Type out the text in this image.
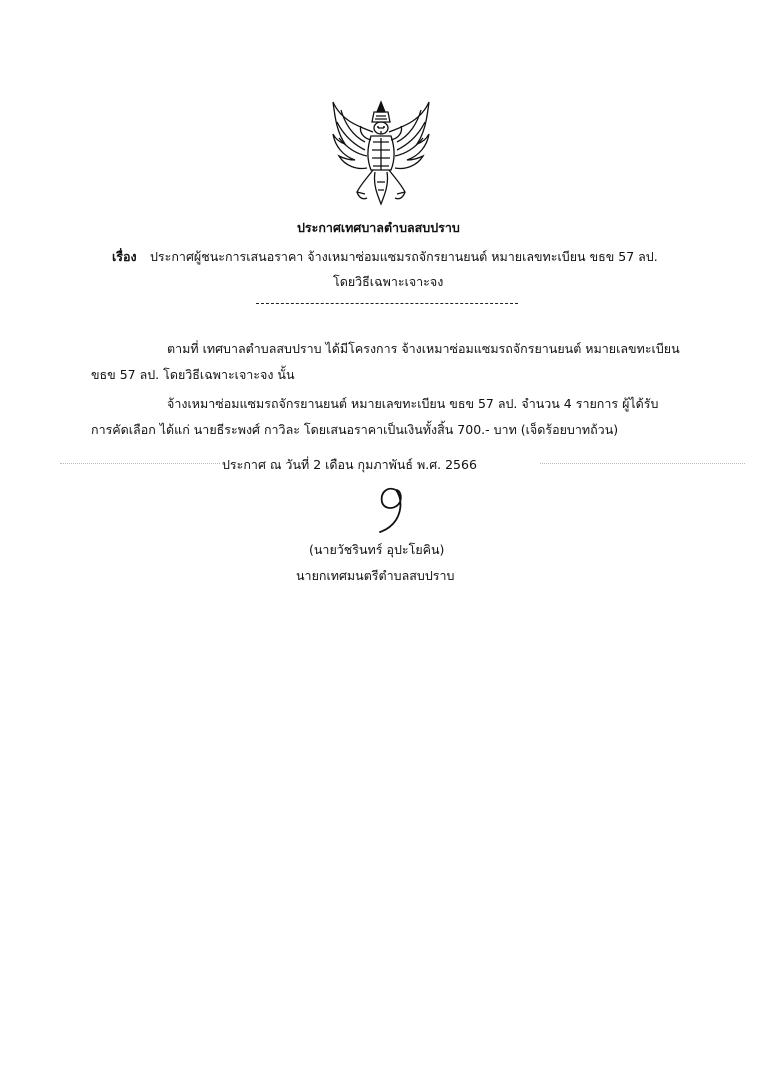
ประกาศเทศบาลตำบลสบปราบ
เรื่อง ประกาศผู้ชนะการเสนอราคา จ้างเหมาซ่อมแซมรถจักรยานยนต์ หมายเลขทะเบียน ขธข 57 ลป.
โดยวิธีเฉพาะเจาะจง
ตามที่ เทศบาลตำบลสบปราบ ได้มีโครงการ จ้างเหมาซ่อมแซมรถจักรยานยนต์ หมายเลขทะเบียน
ขธข 57 ลป. โดยวิธีเฉพาะเจาะจง นั้น
จ้างเหมาซ่อมแซมรถจักรยานยนต์ หมายเลขทะเบียน ขธข 57 ลป. จำนวน 4 รายการ ผู้ได้รับ
การคัดเลือก ได้แก่ นายธีระพงศ์ กาวิละ โดยเสนอราคาเป็นเงินทั้งสิ้น 700.- บาท (เจ็ดร้อยบาทถ้วน)
ประกาศ ณ วันที่ 2 เดือน กุมภาพันธ์ พ.ศ. 2566
(นายวัชรินทร์ อุปะโยคิน)
นายกเทศมนตรีตำบลสบปราบ
